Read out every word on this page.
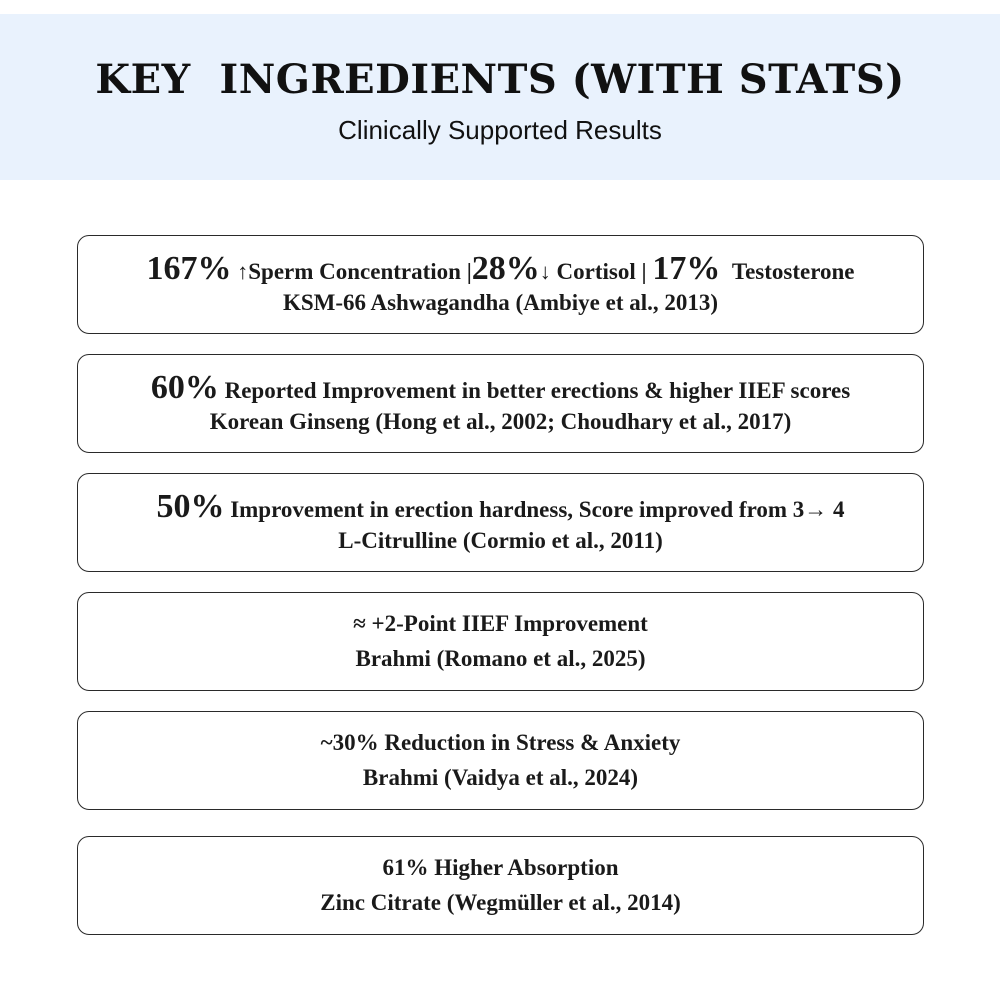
KEY  INGREDIENTS (WITH STATS)
Clinically Supported Results
167% ↑Sperm Concentration |28%↓ Cortisol | 17% Testosterone
KSM-66 Ashwagandha (Ambiye et al., 2013)
60% Reported Improvement in better erections & higher IIEF scores
Korean Ginseng (Hong et al., 2002; Choudhary et al., 2017)
50% Improvement in erection hardness, Score improved from 3→ 4
L-Citrulline (Cormio et al., 2011)
≈ +2-Point IIEF Improvement
Brahmi (Romano et al., 2025)
~30% Reduction in Stress & Anxiety
Brahmi (Vaidya et al., 2024)
61% Higher Absorption
Zinc Citrate (Wegmüller et al., 2014)
